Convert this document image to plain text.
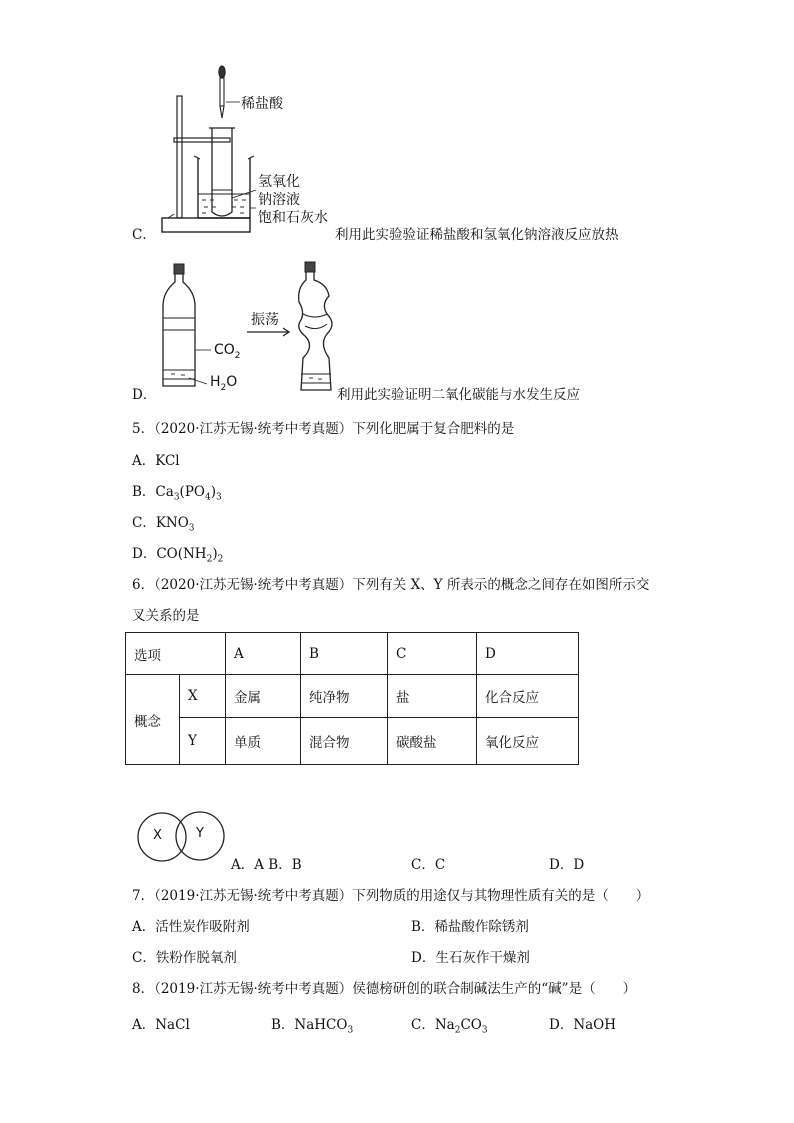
稀盐酸
氢氧化
钠溶液
饱和石灰水
C．	利用此实验验证稀盐酸和氢氧化钠溶液反应放热
振荡
$CO_2$
$H_2O$
D．	利用此实验证明二氧化碳能与水发生反应
5．（2020·江苏无锡·统考中考真题）下列化肥属于复合肥料的是
A．KCl
B．$Ca_3(PO_4)_3$
C．$KNO_3$
D．$CO(NH_2)_2$
6．（2020·江苏无锡·统考中考真题）下列有关 X、Y 所表示的概念之间存在如图所示交
叉关系的是
选项		A	B	C	D
概念	X	金属	纯净物	盐	化合反应
	Y	单质	混合物	碳酸盐	氧化反应
X	Y
A．A B．B	C．C	D．D
7．（2019·江苏无锡·统考中考真题）下列物质的用途仅与其物理性质有关的是（　　）
A．活性炭作吸附剂	B．稀盐酸作除锈剂
C．铁粉作脱氧剂	D．生石灰作干燥剂
8．（2019·江苏无锡·统考中考真题）侯德榜研创的联合制碱法生产的“碱”是（　　）
A．NaCl	B．NaHCO$_3$	C．$Na_2CO_3$	D．NaOH
